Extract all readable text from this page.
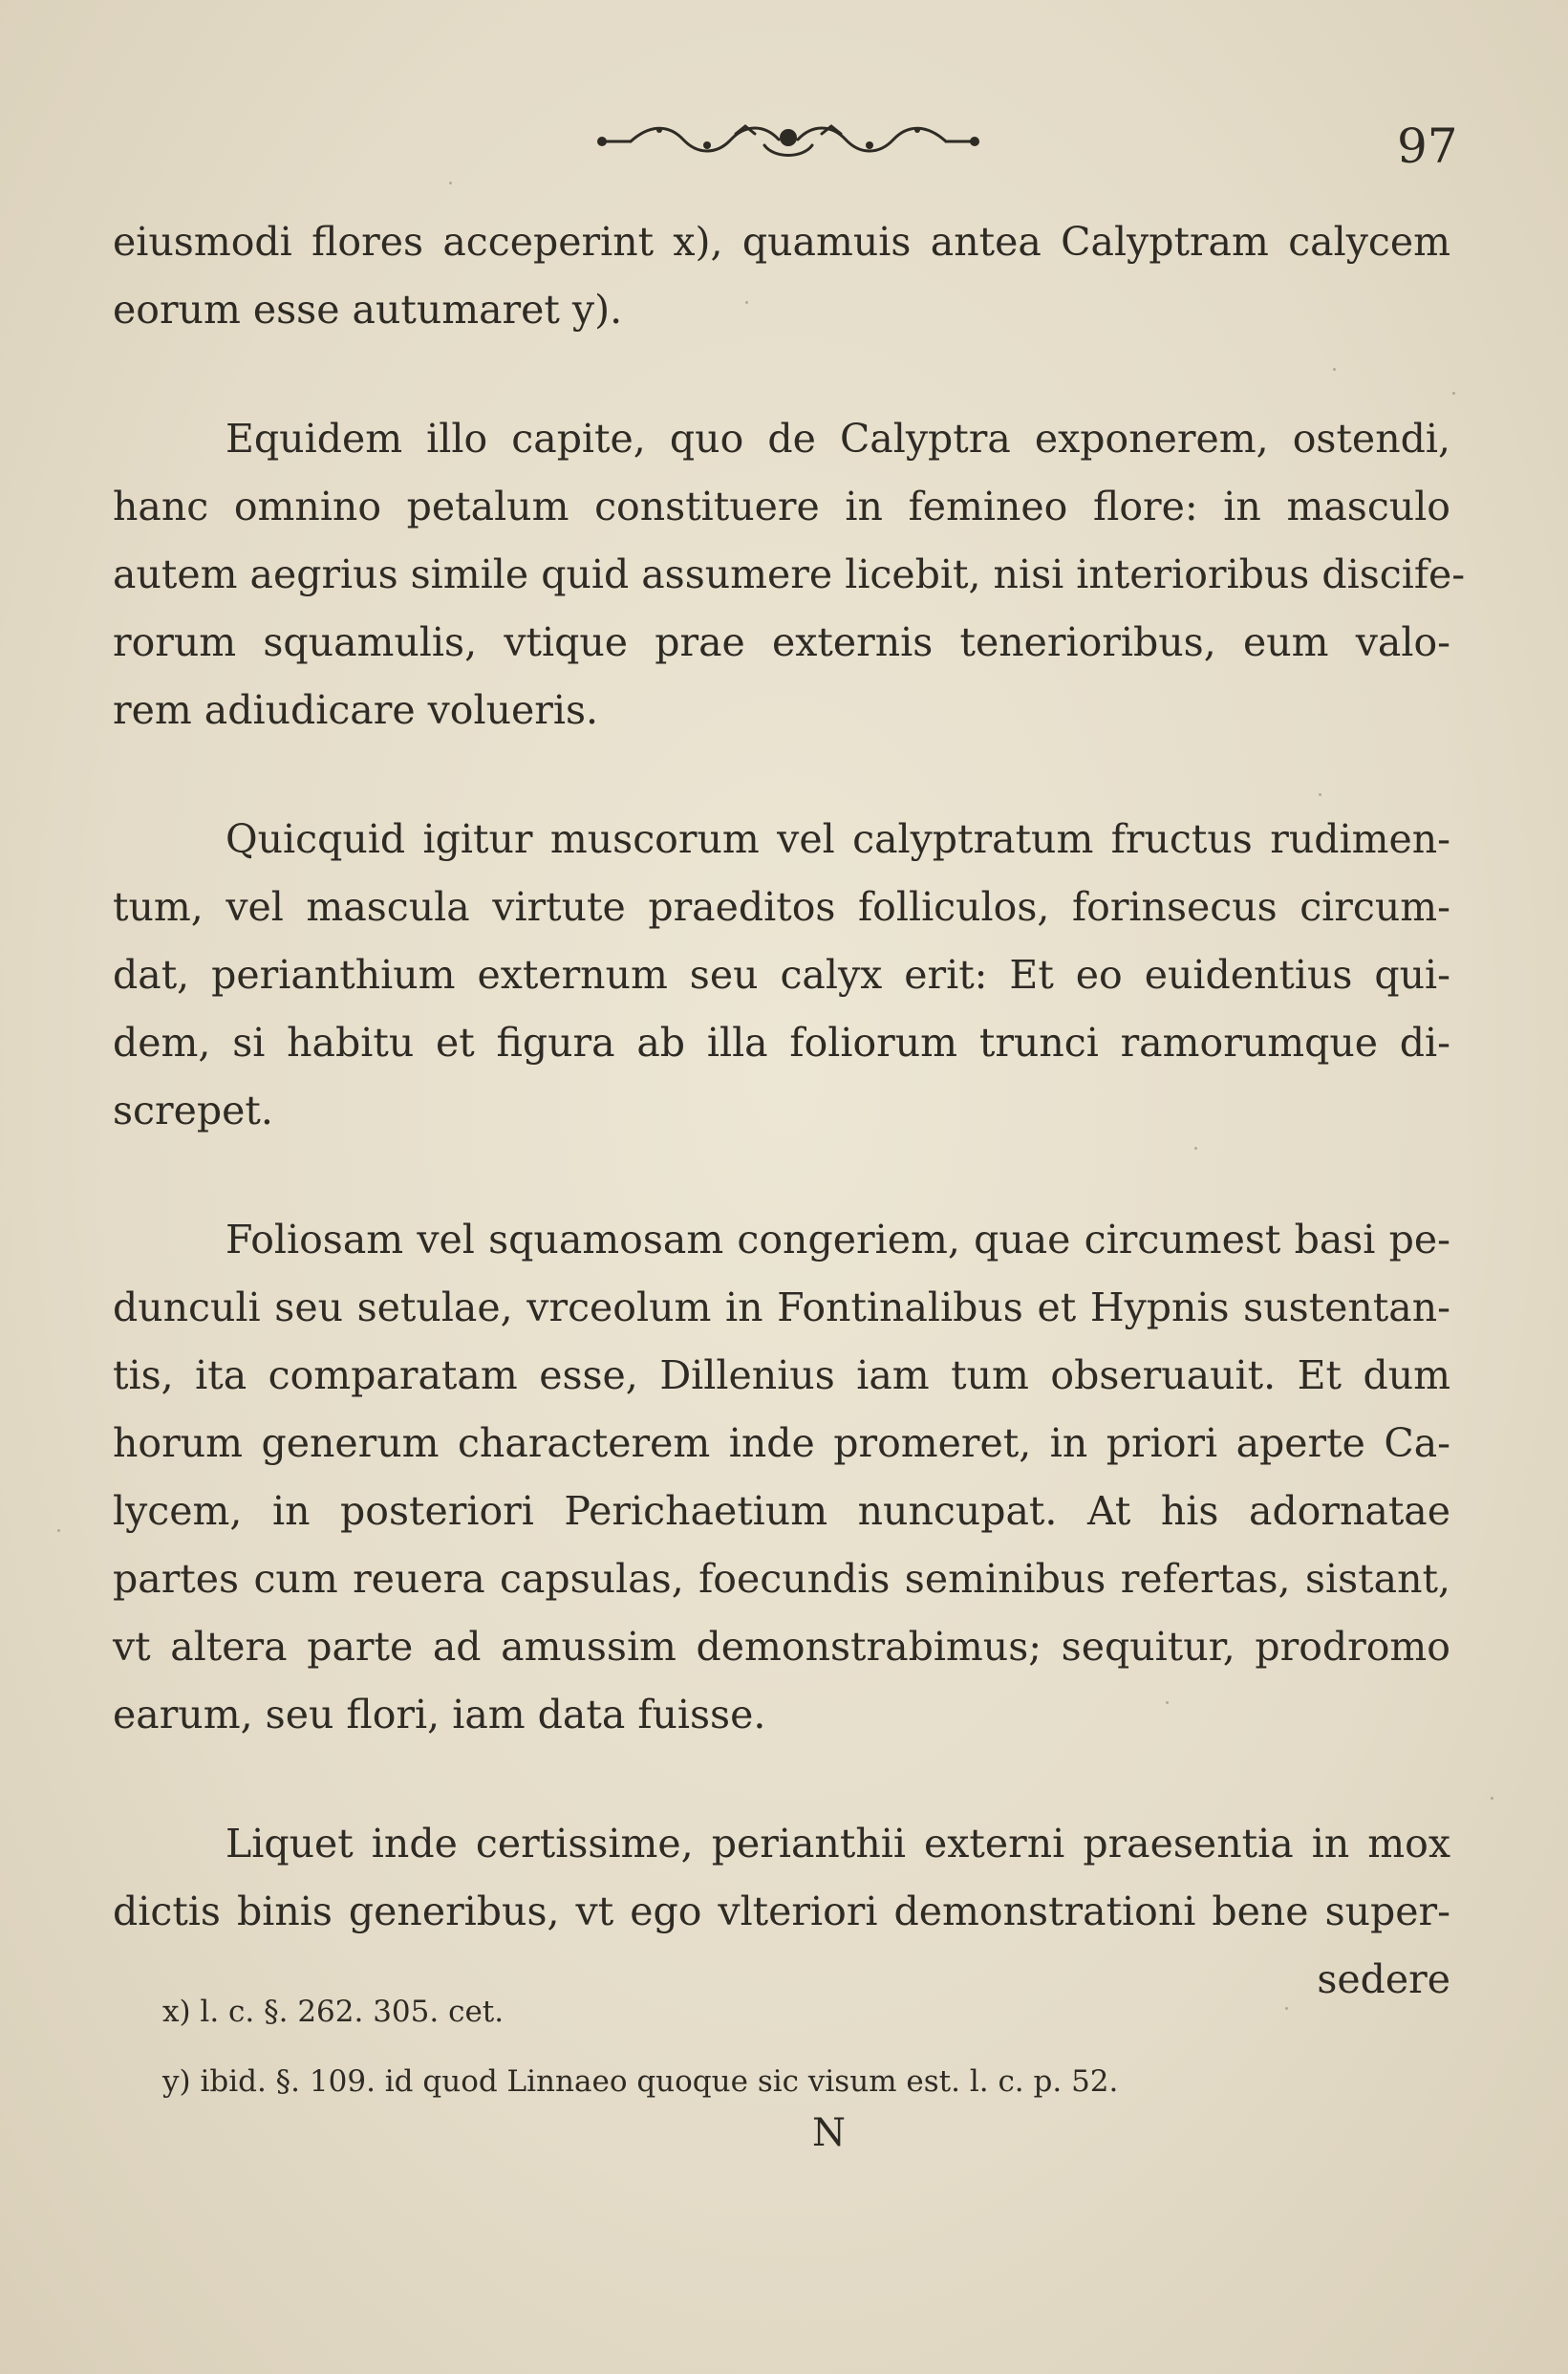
97
eiusmodi flores acceperint x), quamuis antea Calyptram calycem
eorum esse autumaret y).
Equidem illo capite, quo de Calyptra exponerem, ostendi,
hanc omnino petalum constituere in femineo flore: in masculo
autem aegrius simile quid assumere licebit, nisi interioribus discife-
rorum squamulis, vtique prae externis tenerioribus, eum valo-
rem adiudicare volueris.
Quicquid igitur muscorum vel calyptratum fructus rudimen-
tum, vel mascula virtute praeditos folliculos, forinsecus circum-
dat, perianthium externum seu calyx erit: Et eo euidentius qui-
dem, si habitu et figura ab illa foliorum trunci ramorumque di-
screpet.
Foliosam vel squamosam congeriem, quae circumest basi pe-
dunculi seu setulae, vrceolum in Fontinalibus et Hypnis sustentan-
tis, ita comparatam esse, Dillenius iam tum obseruauit. Et dum
horum generum characterem inde promeret, in priori aperte Ca-
lycem, in posteriori Perichaetium nuncupat. At his adornatae
partes cum reuera capsulas, foecundis seminibus refertas, sistant,
vt altera parte ad amussim demonstrabimus; sequitur, prodromo
earum, seu flori, iam data fuisse.
Liquet inde certissime, perianthii externi praesentia in mox
dictis binis generibus, vt ego vlteriori demonstrationi bene super-
sedere
x) l. c. §. 262. 305. cet.
y) ibid. §. 109. id quod Linnaeo quoque sic visum est. l. c. p. 52.
N
